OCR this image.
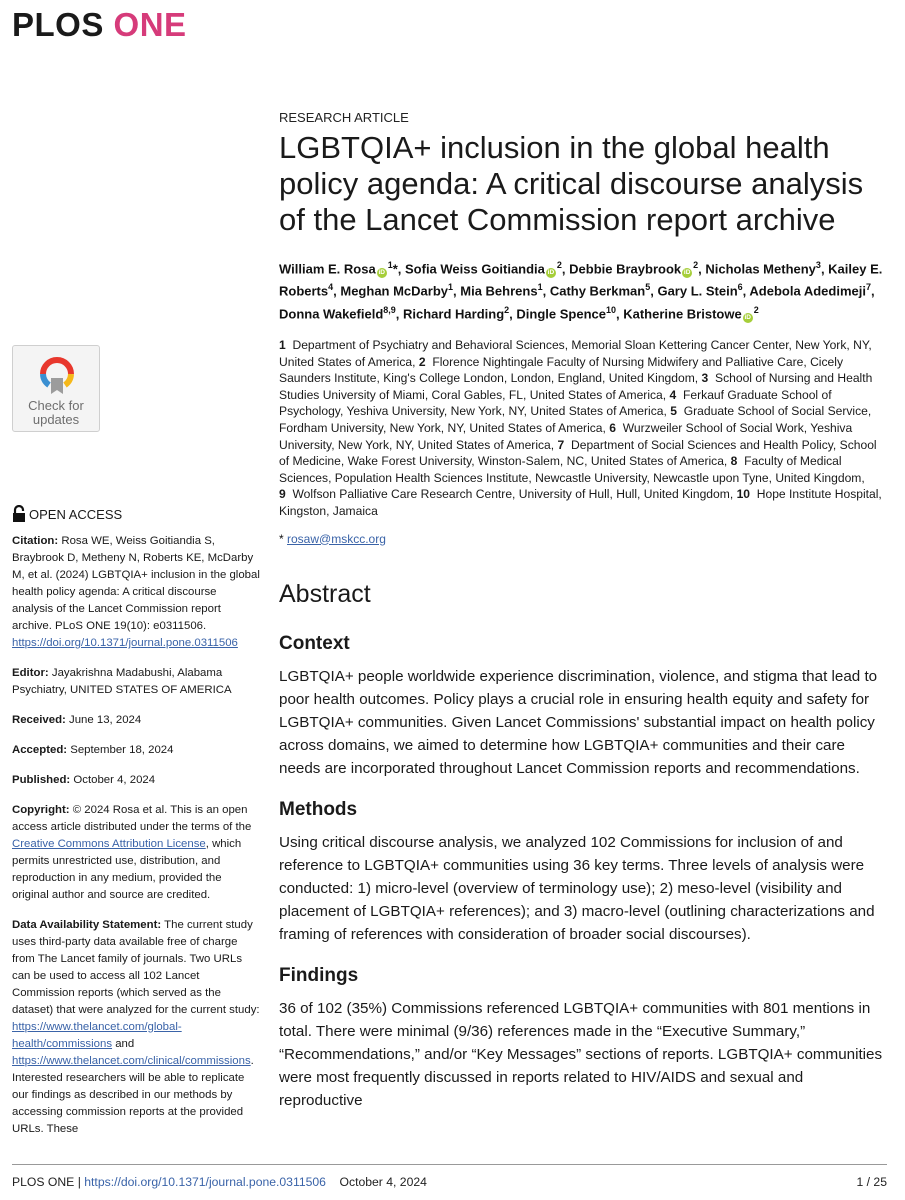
PLOS ONE
Check for
updates
OPEN ACCESS

Citation: Rosa WE, Weiss Goitiandia S, Braybrook D, Metheny N, Roberts KE, McDarby M, et al. (2024) LGBTQIA+ inclusion in the global health policy agenda: A critical discourse analysis of the Lancet Commission report archive. PLoS ONE 19(10): e0311506. https://doi.org/10.1371/journal.pone.0311506

Editor: Jayakrishna Madabushi, Alabama Psychiatry, UNITED STATES OF AMERICA

Received: June 13, 2024

Accepted: September 18, 2024

Published: October 4, 2024

Copyright: © 2024 Rosa et al. This is an open access article distributed under the terms of the Creative Commons Attribution License, which permits unrestricted use, distribution, and reproduction in any medium, provided the original author and source are credited.

Data Availability Statement: The current study uses third-party data available free of charge from The Lancet family of journals. Two URLs can be used to access all 102 Lancet Commission reports (which served as the dataset) that were analyzed for the current study: https://www.thelancet.com/global-health/commissions and https://www.thelancet.com/clinical/commissions. Interested researchers will be able to replicate our findings as described in our methods by accessing commission reports at the provided URLs. These

RESEARCH ARTICLE
LGBTQIA+ inclusion in the global health policy agenda: A critical discourse analysis of the Lancet Commission report archive
William E. Rosa $iD^1*$, Sofia Weiss Goitiandia $iD^2$, Debbie Braybrook $iD^2$, Nicholas Metheny$^3$, Kailey E. Roberts$^4$, Meghan McDarby$^1$, Mia Behrens$^1$, Cathy Berkman$^5$, Gary L. Stein$^6$, Adebola Adedimeji$^7$, Donna Wakefield$^{8,9}$, Richard Harding$^2$, Dingle Spence$^{10}$, Katherine Bristowe $iD^2$
1 Department of Psychiatry and Behavioral Sciences, Memorial Sloan Kettering Cancer Center, New York, NY, United States of America, 2 Florence Nightingale Faculty of Nursing Midwifery and Palliative Care, Cicely Saunders Institute, King's College London, London, England, United Kingdom, 3 School of Nursing and Health Studies University of Miami, Coral Gables, FL, United States of America, 4 Ferkauf Graduate School of Psychology, Yeshiva University, New York, NY, United States of America, 5 Graduate School of Social Service, Fordham University, New York, NY, United States of America, 6 Wurzweiler School of Social Work, Yeshiva University, New York, NY, United States of America, 7 Department of Social Sciences and Health Policy, School of Medicine, Wake Forest University, Winston-Salem, NC, United States of America, 8 Faculty of Medical Sciences, Population Health Sciences Institute, Newcastle University, Newcastle upon Tyne, United Kingdom, 9 Wolfson Palliative Care Research Centre, University of Hull, Hull, United Kingdom, 10 Hope Institute Hospital, Kingston, Jamaica
* rosaw@mskcc.org
Abstract
Context

LGBTQIA+ people worldwide experience discrimination, violence, and stigma that lead to poor health outcomes. Policy plays a crucial role in ensuring health equity and safety for LGBTQIA+ communities. Given Lancet Commissions' substantial impact on health policy across domains, we aimed to determine how LGBTQIA+ communities and their care needs are incorporated throughout Lancet Commission reports and recommendations.

Methods

Using critical discourse analysis, we analyzed 102 Commissions for inclusion of and reference to LGBTQIA+ communities using 36 key terms. Three levels of analysis were conducted: 1) micro-level (overview of terminology use); 2) meso-level (visibility and placement of LGBTQIA+ references); and 3) macro-level (outlining characterizations and framing of references with consideration of broader social discourses).

Findings

36 of 102 (35%) Commissions referenced LGBTQIA+ communities with 801 mentions in total. There were minimal (9/36) references made in the “Executive Summary,” “Recommendations,” and/or “Key Messages” sections of reports. LGBTQIA+ communities were most frequently discussed in reports related to HIV/AIDS and sexual and reproductive

PLOS ONE | https://doi.org/10.1371/journal.pone.0311506 October 4, 2024	1 / 25
